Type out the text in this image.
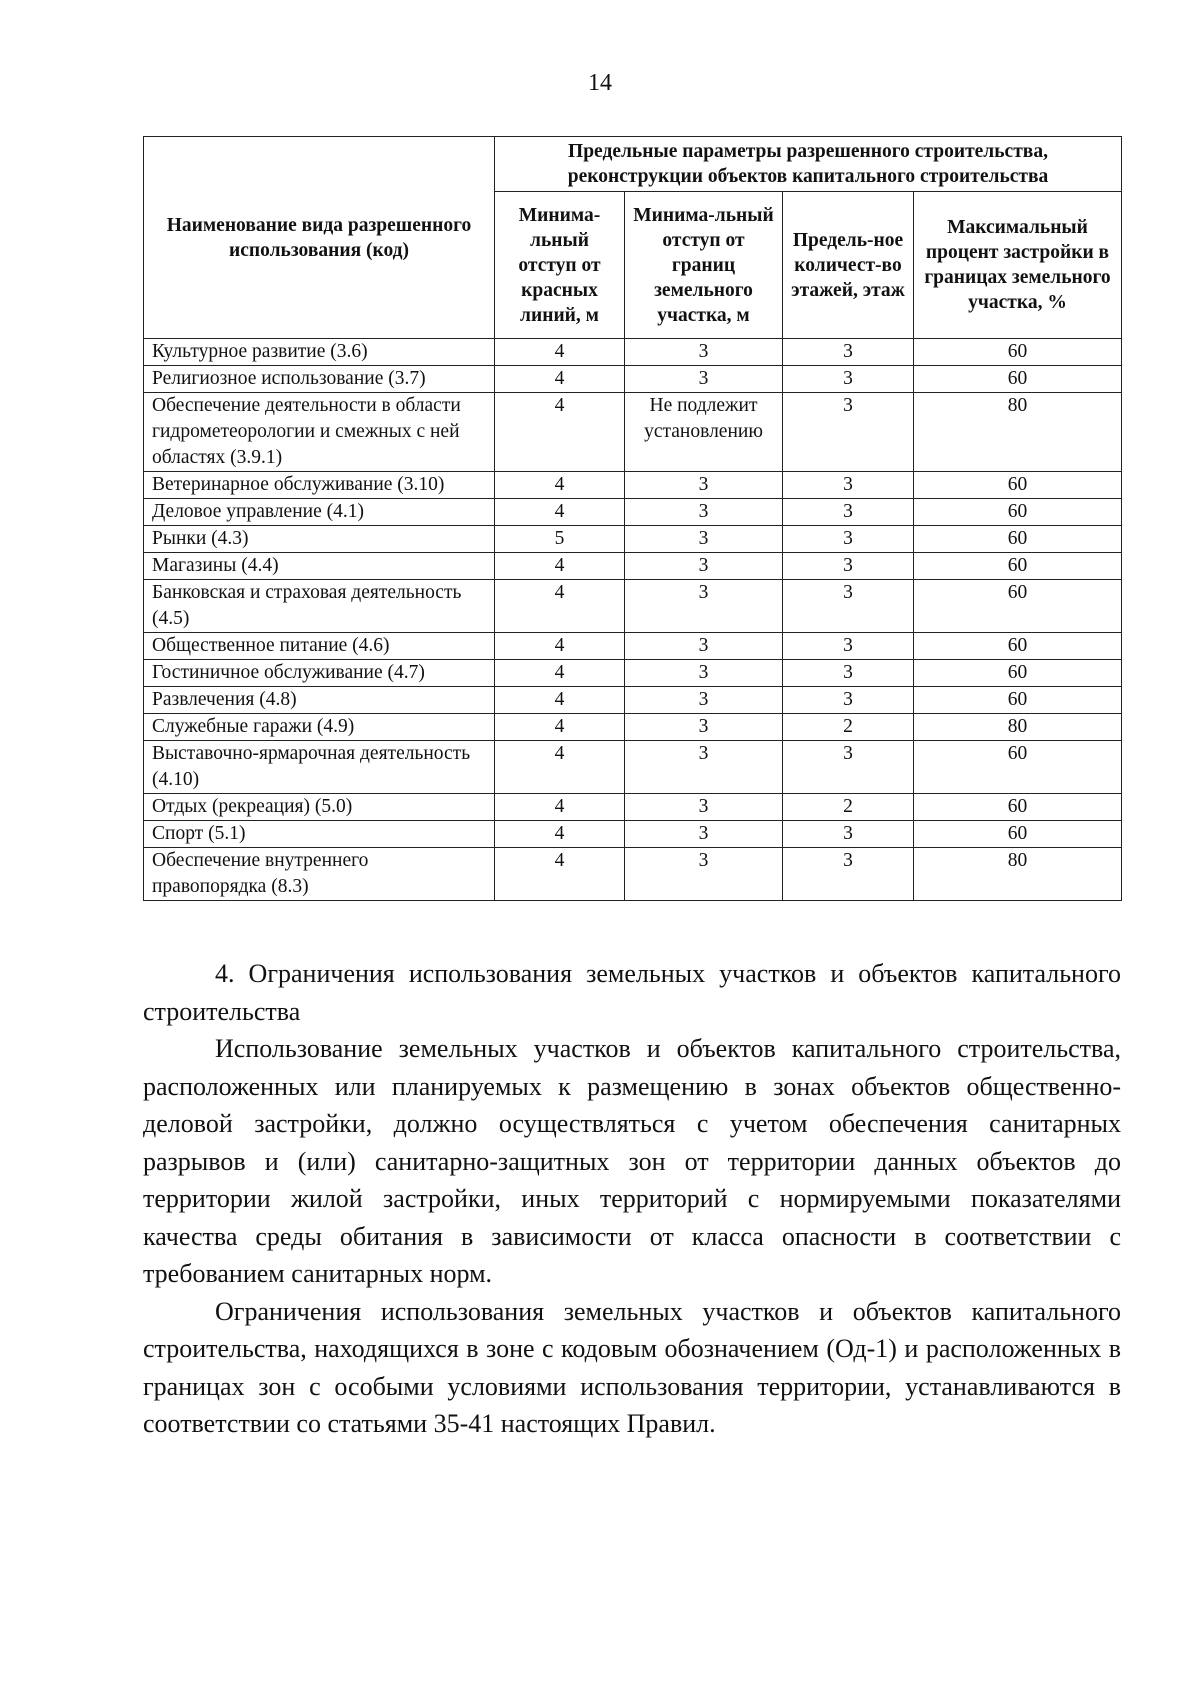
14
Наименование вида разрешенного использования (код)	Предельные параметры разрешенного строительства, реконструкции объектов капитального строительства			
	Минима-льный отступ от красных линий, м	Минима-льный отступ от границ земельного участка, м	Предель-ное количест-во этажей, этаж	Максимальный процент застройки в границах земельного участка, %
Культурное развитие (3.6)	4	3	3	60
Религиозное использование (3.7)	4	3	3	60
Обеспечение деятельности в области гидрометеорологии и смежных с ней областях (3.9.1)	4	Не подлежит установлению	3	80
Ветеринарное обслуживание (3.10)	4	3	3	60
Деловое управление (4.1)	4	3	3	60
Рынки (4.3)	5	3	3	60
Магазины (4.4)	4	3	3	60
Банковская и страховая деятельность (4.5)	4	3	3	60
Общественное питание (4.6)	4	3	3	60
Гостиничное обслуживание (4.7)	4	3	3	60
Развлечения (4.8)	4	3	3	60
Служебные гаражи (4.9)	4	3	2	80
Выставочно-ярмарочная деятельность (4.10)	4	3	3	60
Отдых (рекреация) (5.0)	4	3	2	60
Спорт (5.1)	4	3	3	60
Обеспечение внутреннего правопорядка (8.3)	4	3	3	80
4. Ограничения использования земельных участков и объектов капитального строительства

Использование земельных участков и объектов капитального строительства, расположенных или планируемых к размещению в зонах объектов общественно-деловой застройки, должно осуществляться с учетом обеспечения санитарных разрывов и (или) санитарно-защитных зон от территории данных объектов до территории жилой застройки, иных территорий с нормируемыми показателями качества среды обитания в зависимости от класса опасности в соответствии с требованием санитарных норм.

Ограничения использования земельных участков и объектов капитального строительства, находящихся в зоне с кодовым обозначением (Од-1) и расположенных в границах зон с особыми условиями использования территории, устанавливаются в соответствии со статьями 35-41 настоящих Правил.
